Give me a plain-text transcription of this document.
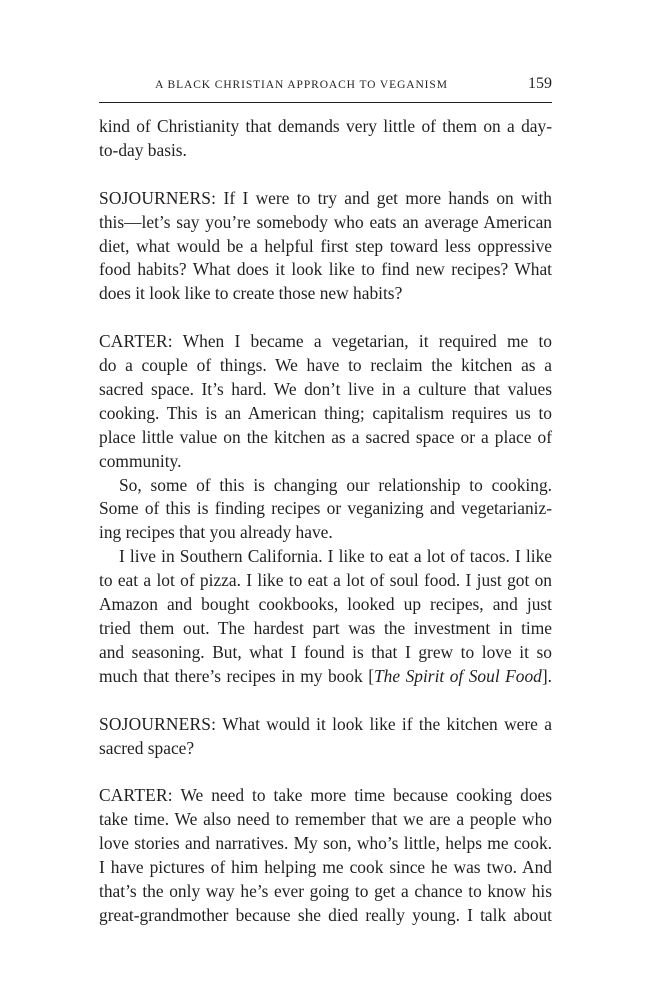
A BLACK CHRISTIAN APPROACH TO VEGANISM	159

kind of Christianity that demands very little of them on a day-
to-day basis.

SOJOURNERS: If I were to try and get more hands on with
this—let’s say you’re somebody who eats an average American
diet, what would be a helpful first step toward less oppressive
food habits? What does it look like to find new recipes? What
does it look like to create those new habits?

CARTER: When I became a vegetarian, it required me to
do a couple of things. We have to reclaim the kitchen as a
sacred space. It’s hard. We don’t live in a culture that values
cooking. This is an American thing; capitalism requires us to
place little value on the kitchen as a sacred space or a place of
community.

So, some of this is changing our relationship to cooking.
Some of this is finding recipes or veganizing and vegetarianiz-
ing recipes that you already have.

I live in Southern California. I like to eat a lot of tacos. I like
to eat a lot of pizza. I like to eat a lot of soul food. I just got on
Amazon and bought cookbooks, looked up recipes, and just
tried them out. The hardest part was the investment in time
and seasoning. But, what I found is that I grew to love it so
much that there’s recipes in my book [The Spirit of Soul Food].

SOJOURNERS: What would it look like if the kitchen were a
sacred space?

CARTER: We need to take more time because cooking does
take time. We also need to remember that we are a people who
love stories and narratives. My son, who’s little, helps me cook.
I have pictures of him helping me cook since he was two. And
that’s the only way he’s ever going to get a chance to know his
great-grandmother because she died really young. I talk about
